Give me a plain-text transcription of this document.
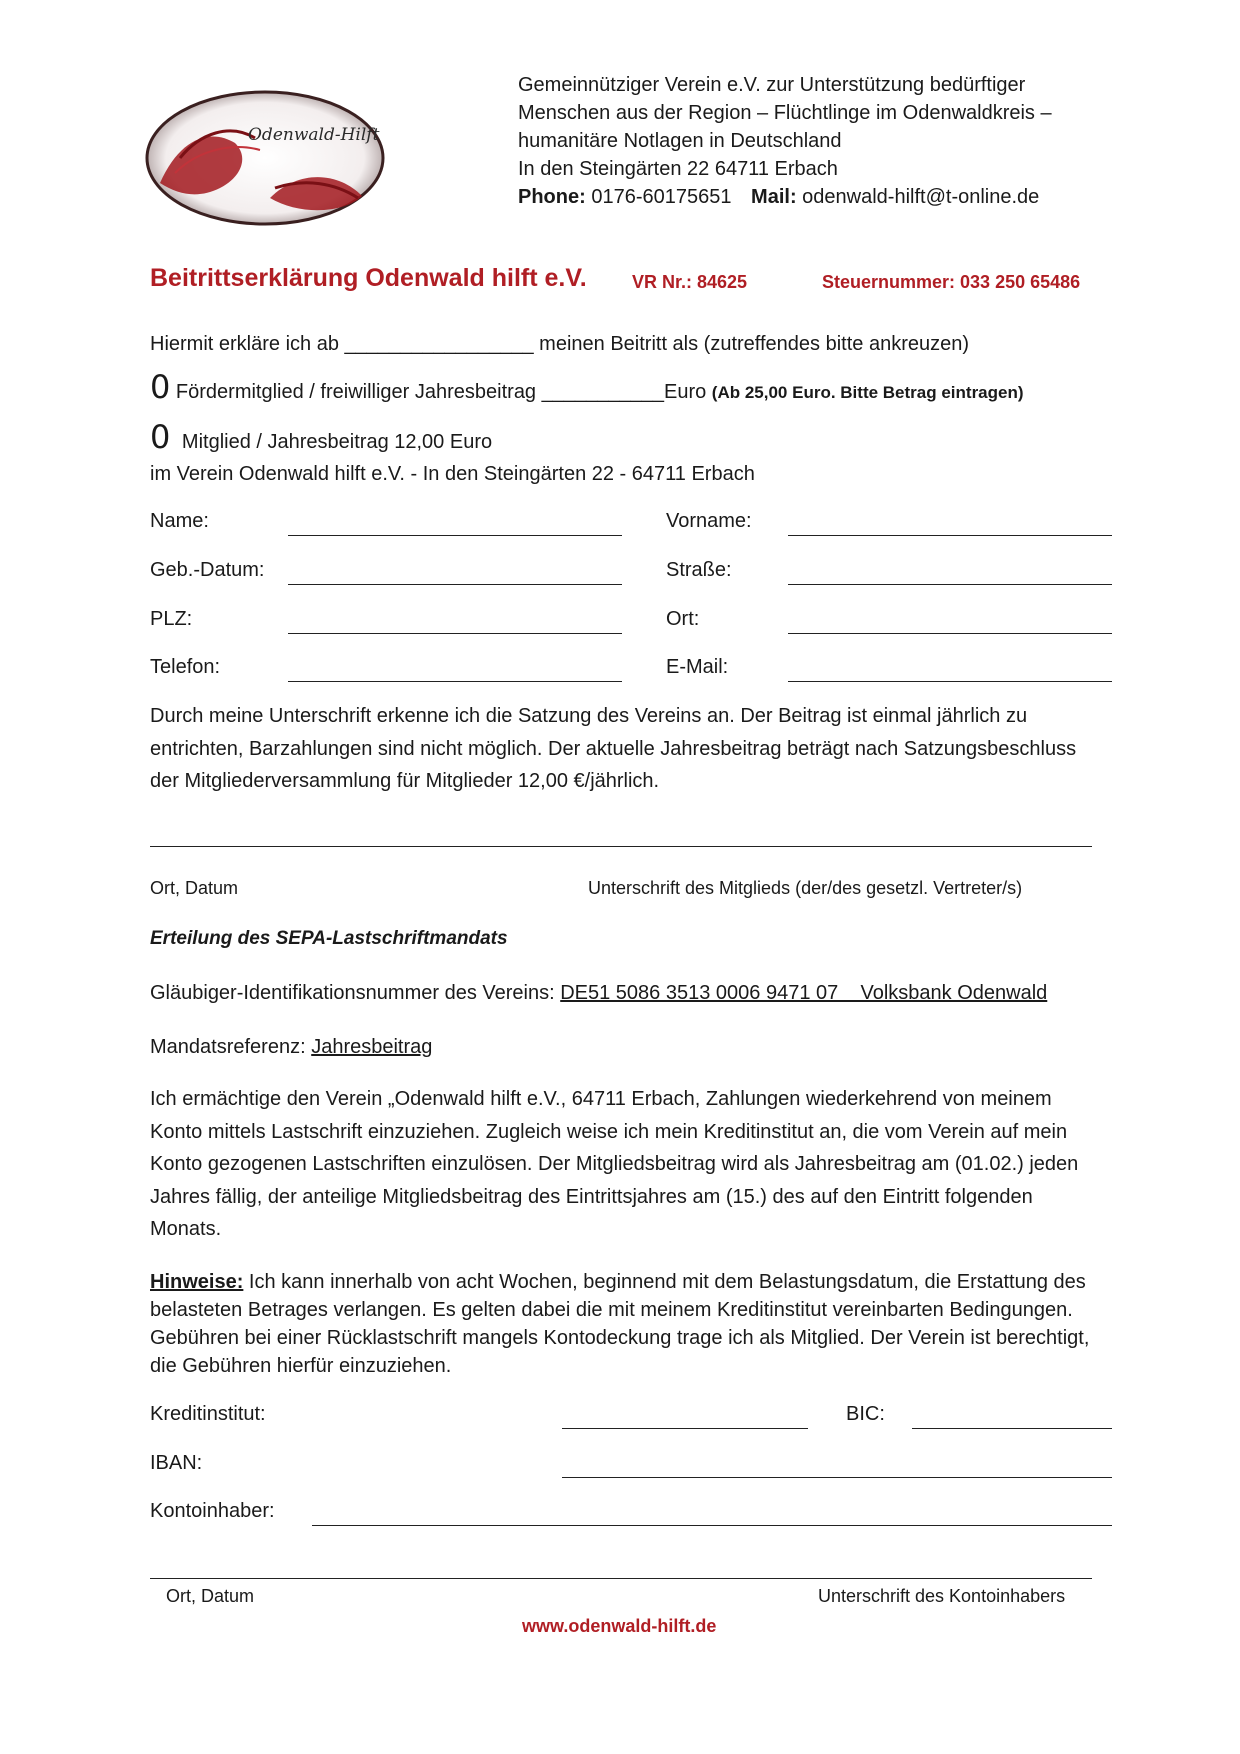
Odenwald-Hilft
Gemeinnütziger Verein e.V. zur Unterstützung bedürftiger
Menschen aus der Region – Flüchtlinge im Odenwaldkreis –
humanitäre Notlagen in Deutschland
In den Steingärten 22 64711 Erbach
Phone: 0176-60175651 Mail: odenwald-hilft@t-online.de
Beitrittserklärung Odenwald hilft e.V.	VR Nr.: 84625	Steuernummer: 033 250 65486
Hiermit erkläre ich ab _________________ meinen Beitritt als (zutreffendes bitte ankreuzen)
0 Fördermitglied / freiwilliger Jahresbeitrag ___________Euro (Ab 25,00 Euro. Bitte Betrag eintragen)
0 Mitglied / Jahresbeitrag 12,00 Euro
im Verein Odenwald hilft e.V. - In den Steingärten 22 - 64711 Erbach
Name:	Vorname:
Geb.-Datum:	Straße:
PLZ:	Ort:
Telefon:	E-Mail:
Durch meine Unterschrift erkenne ich die Satzung des Vereins an. Der Beitrag ist einmal jährlich zu entrichten, Barzahlungen sind nicht möglich. Der aktuelle Jahresbeitrag beträgt nach Satzungsbeschluss der Mitgliederversammlung für Mitglieder 12,00 €/jährlich.
Ort, Datum	Unterschrift des Mitglieds (der/des gesetzl. Vertreter/s)
Erteilung des SEPA-Lastschriftmandats
Gläubiger-Identifikationsnummer des Vereins: DE51 5086 3513 0006 9471 07    Volksbank Odenwald
Mandatsreferenz: Jahresbeitrag
Ich ermächtige den Verein „Odenwald hilft e.V., 64711 Erbach, Zahlungen wiederkehrend von meinem Konto mittels Lastschrift einzuziehen. Zugleich weise ich mein Kreditinstitut an, die vom Verein auf mein Konto gezogenen Lastschriften einzulösen. Der Mitgliedsbeitrag wird als Jahresbeitrag am (01.02.) jeden Jahres fällig, der anteilige Mitgliedsbeitrag des Eintrittsjahres am (15.) des auf den Eintritt folgenden Monats.
Hinweise: Ich kann innerhalb von acht Wochen, beginnend mit dem Belastungsdatum, die Erstattung des belasteten Betrages verlangen. Es gelten dabei die mit meinem Kreditinstitut vereinbarten Bedingungen. Gebühren bei einer Rücklastschrift mangels Kontodeckung trage ich als Mitglied. Der Verein ist berechtigt, die Gebühren hierfür einzuziehen.
Kreditinstitut:	BIC:
IBAN:
Kontoinhaber:
Ort, Datum	Unterschrift des Kontoinhabers
www.odenwald-hilft.de
